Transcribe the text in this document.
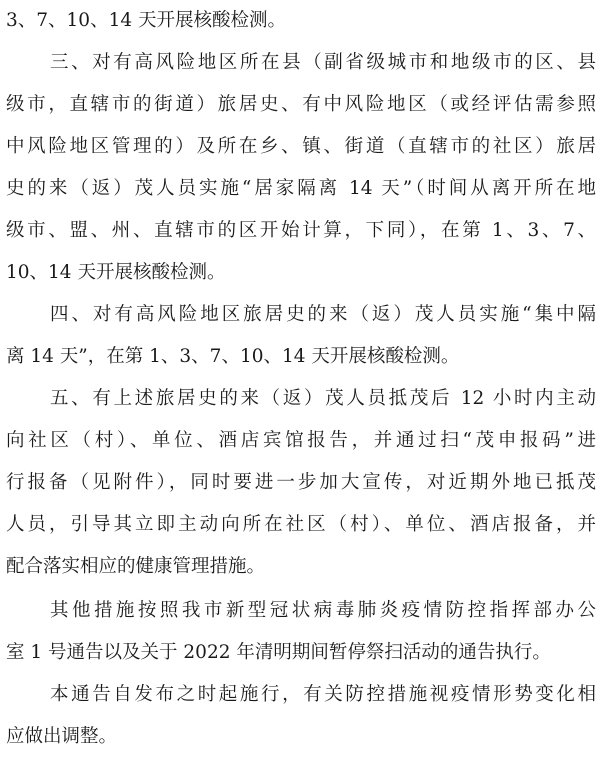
3、7、10、14 天开展核酸检测。
三、对有高风险地区所在县（副省级城市和地级市的区、县
级市，直辖市的街道）旅居史、有中风险地区（或经评估需参照
中风险地区管理的）及所在乡、镇、街道（直辖市的社区）旅居
史的来（返）茂人员实施“居家隔离 14 天”（时间从离开所在地
级市、盟、州、直辖市的区开始计算，下同），在第 1、3、7、
10、14 天开展核酸检测。
四、对有高风险地区旅居史的来（返）茂人员实施“集中隔
离 14 天”，在第 1、3、7、10、14 天开展核酸检测。
五、有上述旅居史的来（返）茂人员抵茂后 12 小时内主动
向社区（村）、单位、酒店宾馆报告，并通过扫“茂申报码”进
行报备（见附件），同时要进一步加大宣传，对近期外地已抵茂
人员，引导其立即主动向所在社区（村）、单位、酒店报备，并
配合落实相应的健康管理措施。
其他措施按照我市新型冠状病毒肺炎疫情防控指挥部办公
室 1 号通告以及关于 2022 年清明期间暂停祭扫活动的通告执行。
本通告自发布之时起施行，有关防控措施视疫情形势变化相
应做出调整。
